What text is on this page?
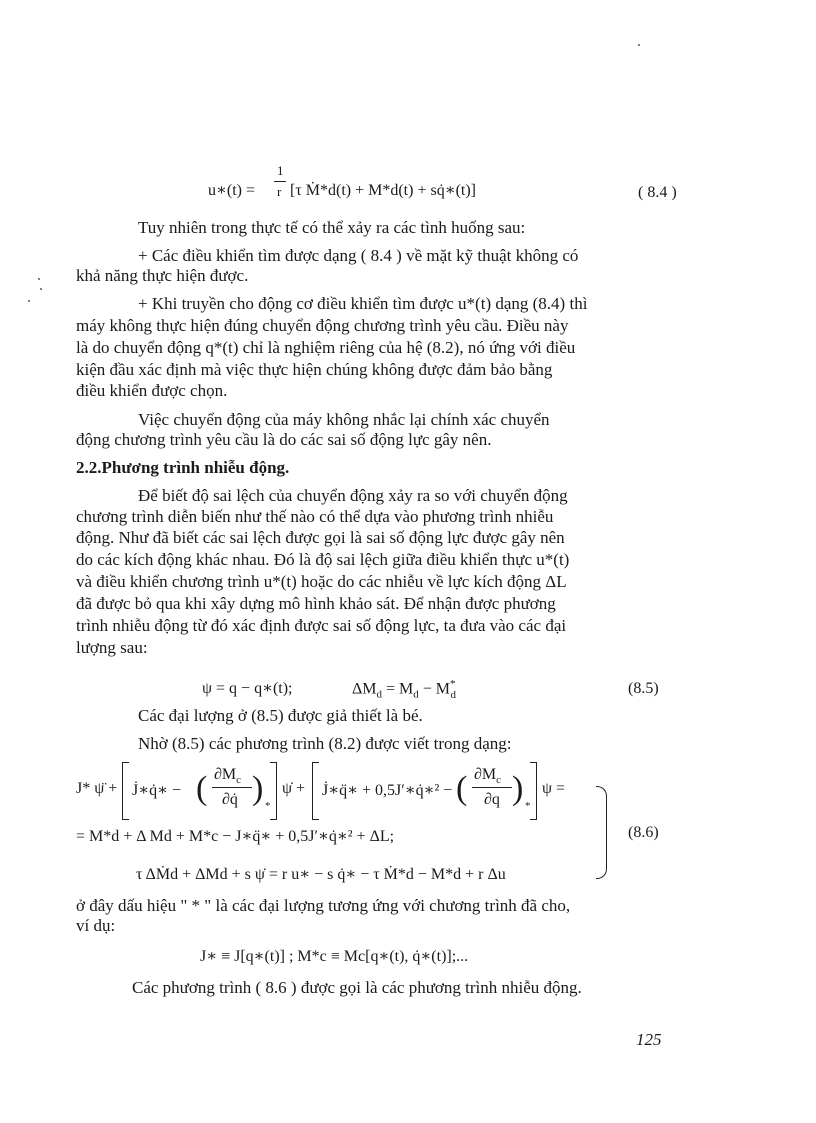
u∗(t) =
1
r [τ Ṁ*d(t) + M*d(t) + sq̇∗(t)]	( 8.4 )
Tuy nhiên trong thực tế có thể xảy ra các tình huống sau:
+ Các điều khiển tìm được dạng ( 8.4 ) về mặt kỹ thuật không có
khả năng thực hiện được.
+ Khi truyền cho động cơ điều khiển tìm được u*(t) dạng (8.4) thì
máy không thực hiện đúng chuyển động chương trình yêu cầu. Điều này
là do chuyển động q*(t) chỉ là nghiệm riêng của hệ (8.2), nó ứng với điều
kiện đầu xác định mà việc thực hiện chúng không được đảm bảo bằng
điều khiển được chọn.
Việc chuyển động của máy không nhắc lại chính xác chuyển
động chương trình yêu cầu là do các sai số động lực gây nên.
2.2.Phương trình nhiễu động.
Để biết độ sai lệch của chuyển động xảy ra so với chuyển động
chương trình diễn biến như thế nào có thể dựa vào phương trình nhiễu
động. Như đã biết các sai lệch được gọi là sai số động lực được gây nên
do các kích động khác nhau. Đó là độ sai lệch giữa điều khiển thực u*(t)
và điều khiển chương trình u*(t) hoặc do các nhiễu về lực kích động ΔL
đã được bỏ qua khi xây dựng mô hình khảo sát. Để nhận được phương
trình nhiễu động từ đó xác định được sai số động lực, ta đưa vào các đại
lượng sau:
ψ = q − q∗(t);	$\Delta M_d = M_d - M^*_d$	(8.5)
Các đại lượng ở (8.5) được giả thiết là bé.
Nhờ (8.5) các phương trình (8.2) được viết trong dạng:
J* ψ̈ + J̇∗q̇∗ − ( $\partial M_c$
∂q̇ ) *
ψ̇ + J̇∗q̈∗ + 0,5J′∗q̇∗² − ( $\partial M_c$
∂q ) *
ψ =
= M*d + Δ Md + M*c − J∗q̈∗ + 0,5J′∗q̇∗² + ΔL;
τ ΔṀd + ΔMd + s ψ̇ = r u∗ − s q̇∗ − τ Ṁ*d − M*d + r Δu
(8.6)
ở đây dấu hiệu " * " là các đại lượng tương ứng với chương trình đã cho,
ví dụ:
J∗ ≡ J[q∗(t)] ; M*c ≡ Mc[q∗(t), q̇∗(t)];...
Các phương trình ( 8.6 ) được gọi là các phương trình nhiễu động.
125
